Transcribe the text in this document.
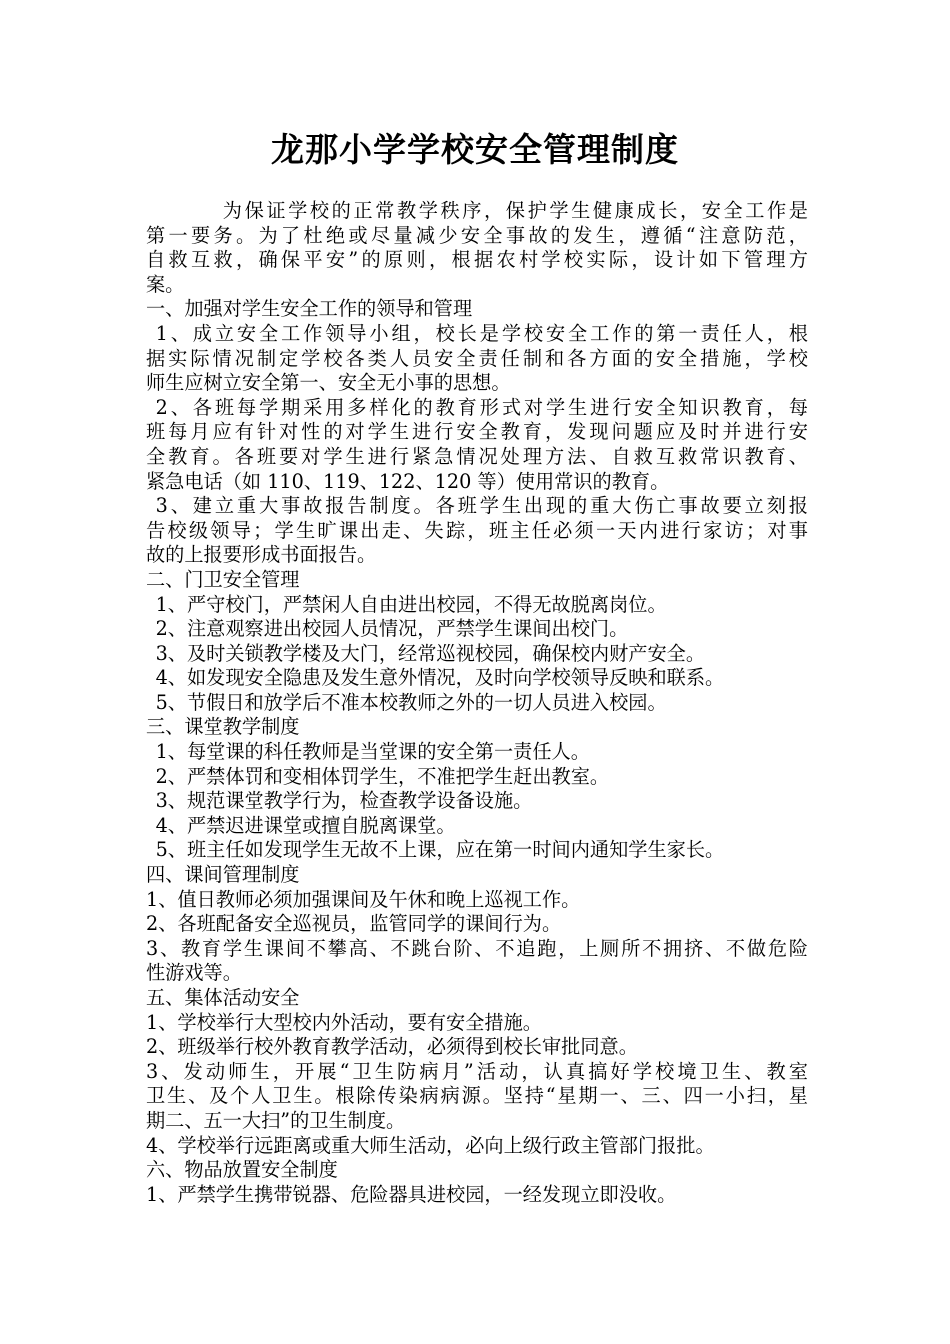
龙那小学学校安全管理制度
为保证学校的正常教学秩序，保护学生健康成长，安全工作是
第一要务。为了杜绝或尽量减少安全事故的发生，遵循“注意防范，
自救互救，确保平安”的原则，根据农村学校实际，设计如下管理方
案。
一、加强对学生安全工作的领导和管理
1、成立安全工作领导小组，校长是学校安全工作的第一责任人，根
据实际情况制定学校各类人员安全责任制和各方面的安全措施，学校
师生应树立安全第一、安全无小事的思想。
2、各班每学期采用多样化的教育形式对学生进行安全知识教育，每
班每月应有针对性的对学生进行安全教育，发现问题应及时并进行安
全教育。各班要对学生进行紧急情况处理方法、自救互救常识教育、
紧急电话（如 110、119、122、120 等）使用常识的教育。
3、建立重大事故报告制度。各班学生出现的重大伤亡事故要立刻报
告校级领导；学生旷课出走、失踪，班主任必须一天内进行家访；对事
故的上报要形成书面报告。
二、门卫安全管理
1、严守校门，严禁闲人自由进出校园，不得无故脱离岗位。
2、注意观察进出校园人员情况，严禁学生课间出校门。
3、及时关锁教学楼及大门，经常巡视校园，确保校内财产安全。
4、如发现安全隐患及发生意外情况，及时向学校领导反映和联系。
5、节假日和放学后不准本校教师之外的一切人员进入校园。
三、课堂教学制度
1、每堂课的科任教师是当堂课的安全第一责任人。
2、严禁体罚和变相体罚学生，不准把学生赶出教室。
3、规范课堂教学行为，检查教学设备设施。
4、严禁迟进课堂或擅自脱离课堂。
5、班主任如发现学生无故不上课，应在第一时间内通知学生家长。
四、课间管理制度
1、值日教师必须加强课间及午休和晚上巡视工作。
2、各班配备安全巡视员，监管同学的课间行为。
3、教育学生课间不攀高、不跳台阶、不追跑，上厕所不拥挤、不做危险
性游戏等。
五、集体活动安全
1、学校举行大型校内外活动，要有安全措施。
2、班级举行校外教育教学活动，必须得到校长审批同意。
3、发动师生，开展“卫生防病月”活动，认真搞好学校境卫生、教室
卫生、及个人卫生。根除传染病病源。坚持“星期一、三、四一小扫，星
期二、五一大扫”的卫生制度。
4、学校举行远距离或重大师生活动，必向上级行政主管部门报批。
六、物品放置安全制度
1、严禁学生携带锐器、危险器具进校园，一经发现立即没收。
